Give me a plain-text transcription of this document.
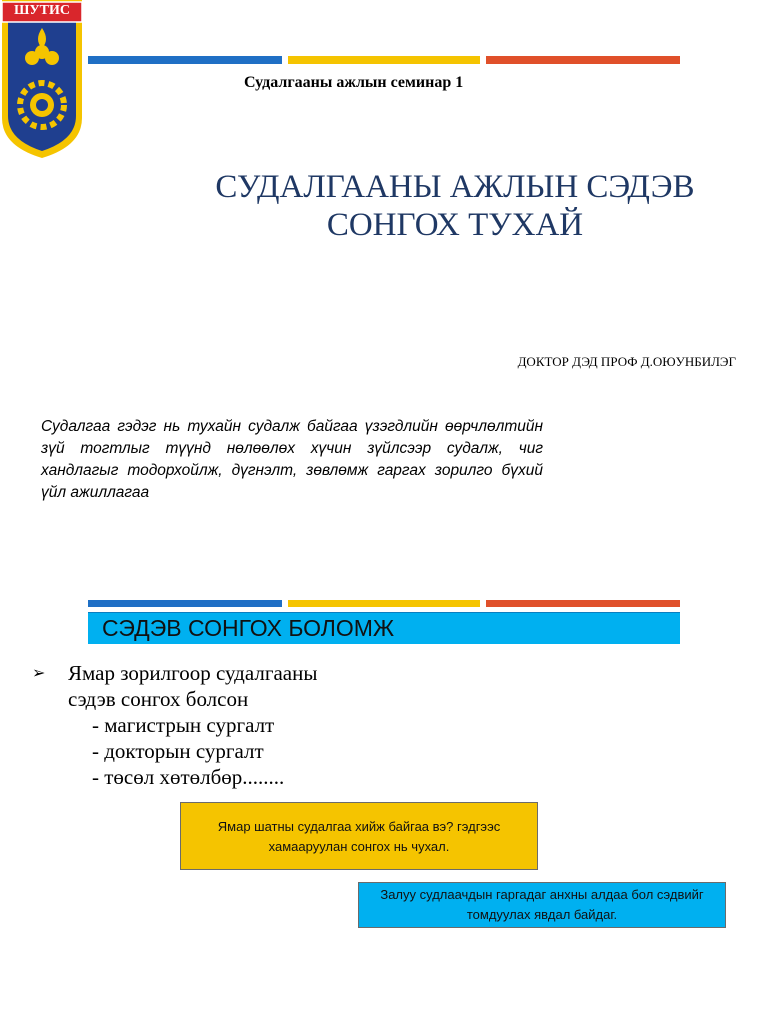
ШУТИС
Судалгааны ажлын семинар 1
СУДАЛГААНЫ АЖЛЫН СЭДЭВ
СОНГОХ ТУХАЙ
ДОКТОР ДЭД ПРОФ Д.ОЮУНБИЛЭГ
Судалгаа гэдэг нь тухайн судалж байгаа үзэгдлийн өөрчлөлтийн зүй тогтлыг түүнд нөлөөлөх хүчин зүйлсээр судалж, чиг хандлагыг тодорхойлж, дүгнэлт, зөвлөмж гаргах зорилго бүхий үйл ажиллагаа
СЭДЭВ СОНГОХ БОЛОМЖ
➢ Ямар зорилгоор судалгааны
сэдэв сонгох болсон
- магистрын сургалт
- докторын сургалт
- төсөл хөтөлбөр........
Ямар шатны судалгаа хийж байгаа вэ? гэдгээс хамааруулан сонгох нь чухал.
Залуу судлаачдын гаргадаг анхны алдаа бол сэдвийг томдуулах явдал байдаг.
